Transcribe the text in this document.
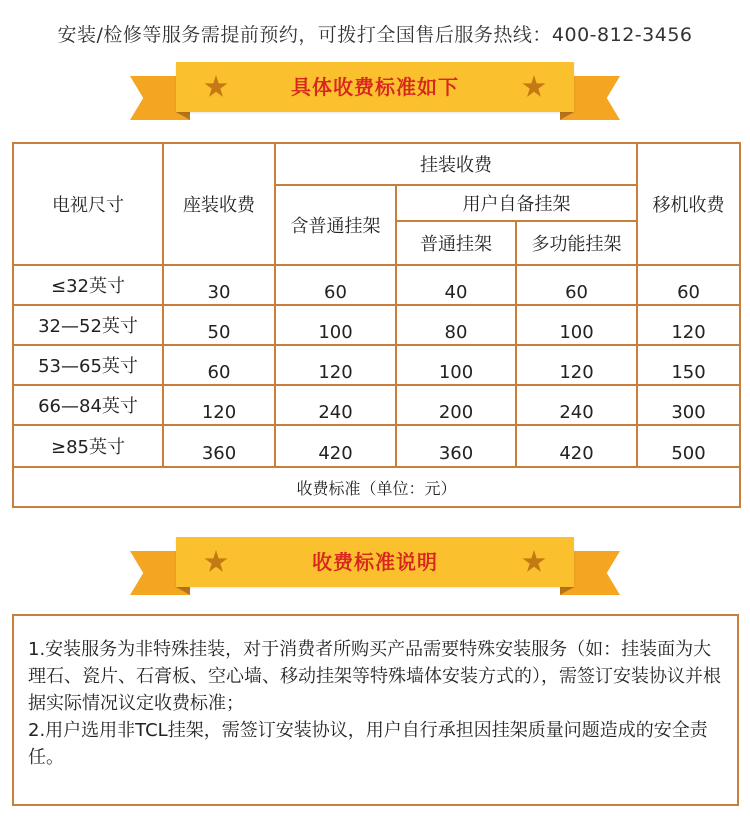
安装/检修等服务需提前预约，可拨打全国售后服务热线：400-812-3456
具体收费标准如下
电视尺寸	座装收费	挂装收费			移机收费
		含普通挂架	用户自备挂架		
			普通挂架	多功能挂架	
≤32英寸	30	60	40	60	60
32—52英寸	50	100	80	100	120
53—65英寸	60	120	100	120	150
66—84英寸	120	240	200	240	300
≥85英寸	360	420	360	420	500
收费标准（单位：元）					
收费标准说明

1.安装服务为非特殊挂装，对于消费者所购买产品需要特殊安装服务（如：挂装面为大理石、瓷片、石膏板、空心墙、移动挂架等特殊墙体安装方式的），需签订安装协议并根据实际情况议定收费标准；

2.用户选用非TCL挂架，需签订安装协议，用户自行承担因挂架质量问题造成的安全责任。
